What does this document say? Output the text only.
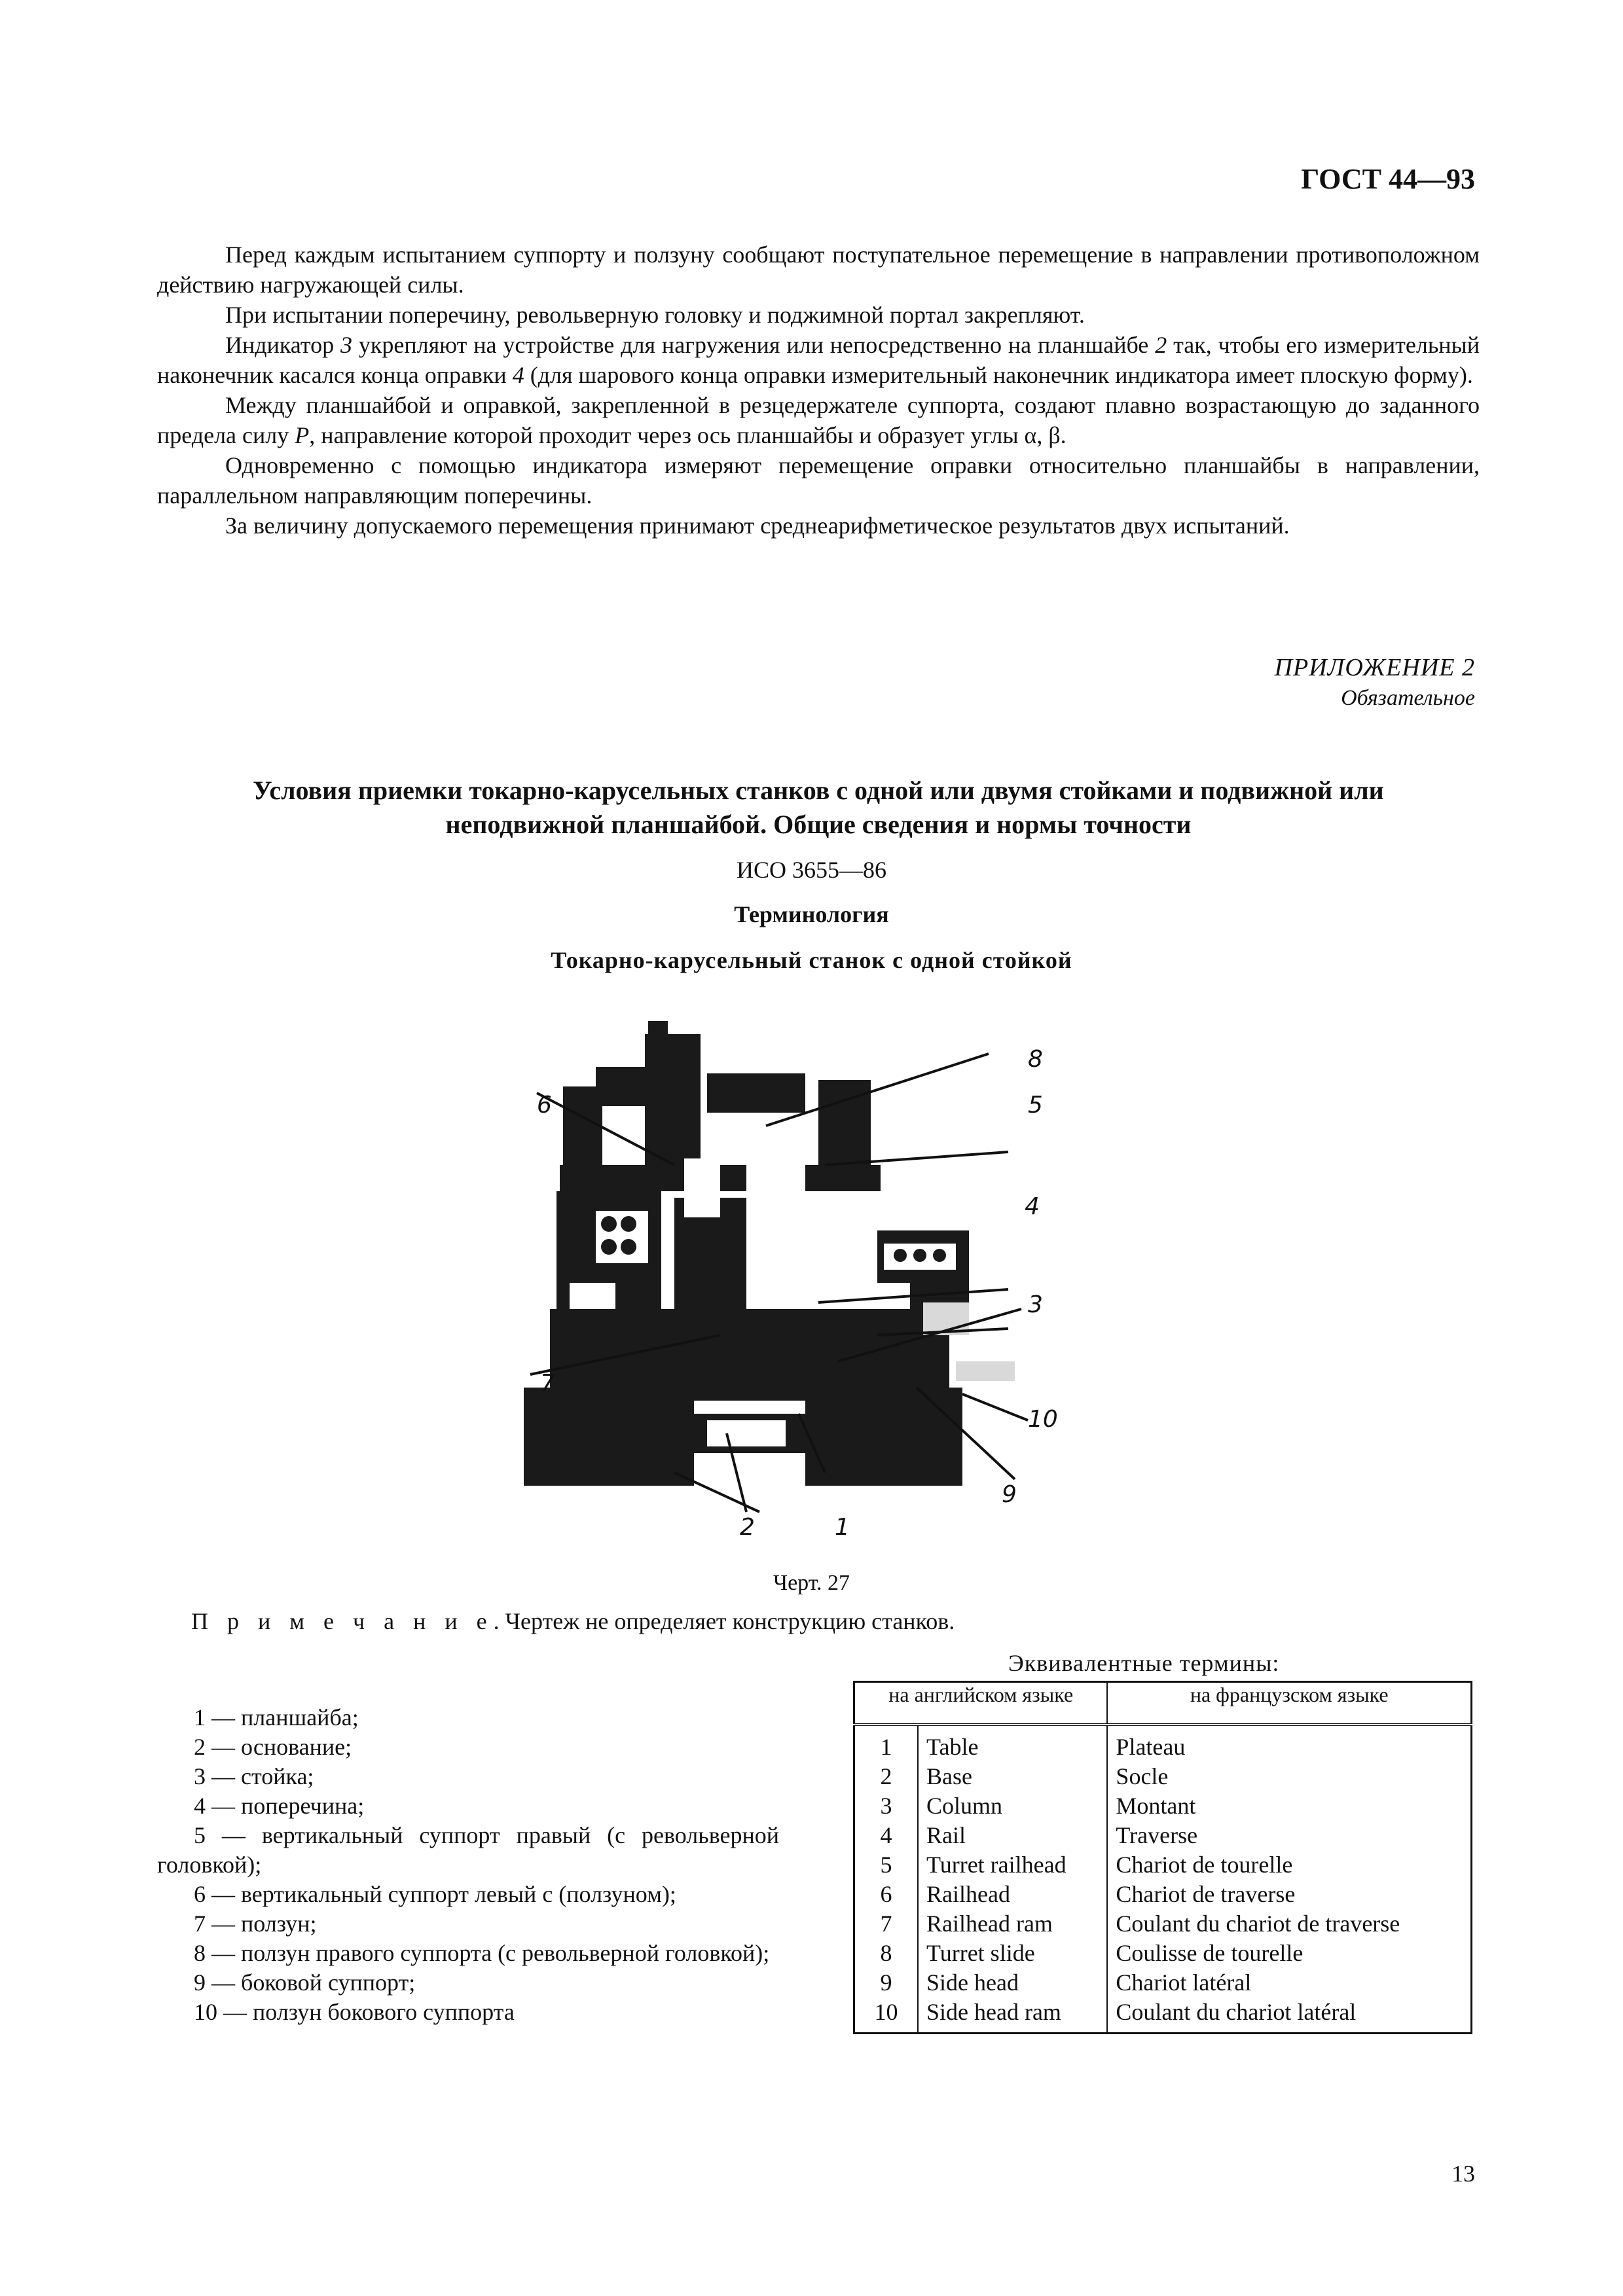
ГОСТ 44—93

Перед каждым испытанием суппорту и ползуну сообщают поступательное перемещение в направлении противоположном действию нагружающей силы.

При испытании поперечину, револьверную головку и поджимной портал закрепляют.

Индикатор 3 укрепляют на устройстве для нагружения или непосредственно на планшайбе 2 так, чтобы его измерительный наконечник касался конца оправки 4 (для шарового конца оправки измерительный наконечник индикатора имеет плоскую форму).

Между планшайбой и оправкой, закрепленной в резцедержателе суппорта, создают плавно возрастающую до заданного предела силу P, направление которой проходит через ось планшайбы и образует углы α, β.

Одновременно с помощью индикатора измеряют перемещение оправки относительно планшайбы в направлении, параллельном направляющим поперечины.

За величину допускаемого перемещения принимают среднеарифметическое результатов двух испытаний.

ПРИЛОЖЕНИЕ 2
Обязательное
Условия приемки токарно-карусельных станков с одной или двумя стойками и подвижной или
неподвижной планшайбой. Общие сведения и нормы точности
ИСО 3655—86
Терминология
Токарно-карусельный станок с одной стойкой
1
2
3
4
5
6
7
8
9
10
Черт. 27
П р и м е ч а н и е. Чертеж не определяет конструкцию станков.
Эквивалентные термины:
1 — планшайба;
2 — основание;
3 — стойка;
4 — поперечина;
5 — вертикальный суппорт правый (с револьверной головкой);
6 — вертикальный суппорт левый с (ползуном);
7 — ползун;
8 — ползун правого суппорта (с револьверной головкой);
9 — боковой суппорт;
10 — ползун бокового суппорта
на английском языке		на французском языке
1	Table	Plateau
2	Base	Socle
3	Column	Montant
4	Rail	Traverse
5	Turret railhead	Chariot de tourelle
6	Railhead	Chariot de traverse
7	Railhead ram	Coulant du chariot de traverse
8	Turret slide	Coulisse de tourelle
9	Side head	Chariot latéral
10	Side head ram	Coulant du chariot latéral
13
